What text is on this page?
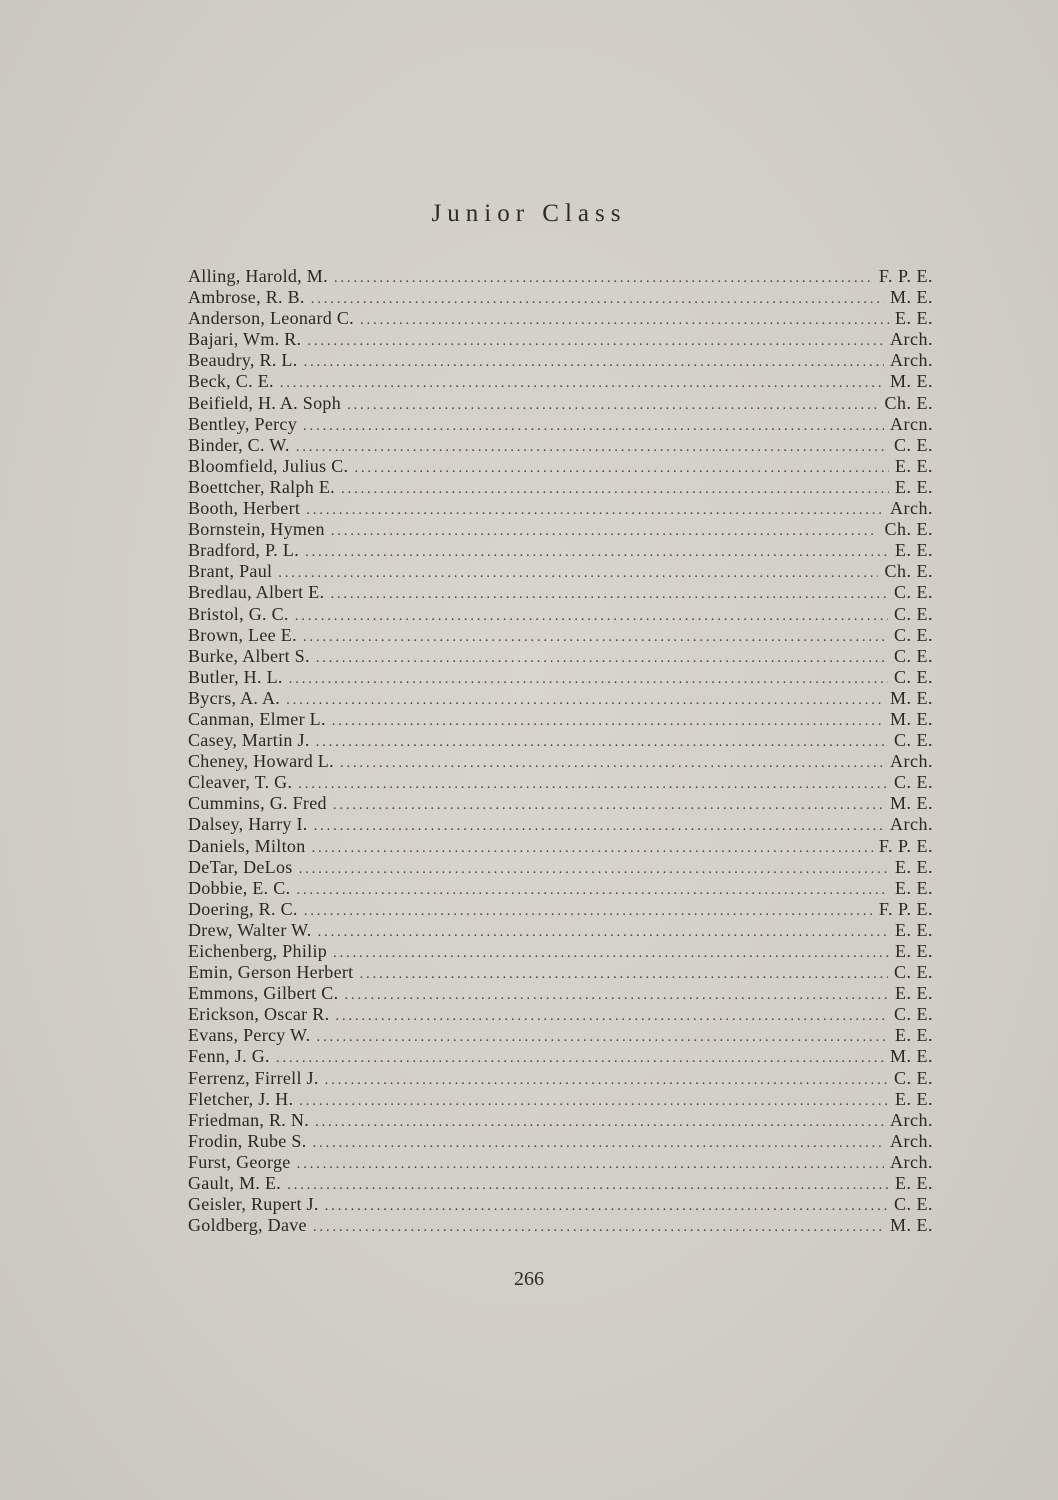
Junior Class
Alling, Harold, M. . . .	F. P. E.
Ambrose, R. B. . . .	M. E.
Anderson, Leonard C. . . .	E. E.
Bajari, Wm. R. . . .	Arch.
Beaudry, R. L. . . .	Arch.
Beck, C. E. . . .	M. E.
Beifield, H. A. Soph . . .	Ch. E.
Bentley, Percy . . .	Arcn.
Binder, C. W. . . .	C. E.
Bloomfield, Julius C. . . .	E. E.
Boettcher, Ralph E. . . .	E. E.
Booth, Herbert . . .	Arch.
Bornstein, Hymen . . .	Ch. E.
Bradford, P. L. . . .	E. E.
Brant, Paul . . .	Ch. E.
Bredlau, Albert E. . . .	C. E.
Bristol, G. C. . . .	C. E.
Brown, Lee E. . . .	C. E.
Burke, Albert S. . . .	C. E.
Butler, H. L. . . .	C. E.
Bycrs, A. A. . . .	M. E.
Canman, Elmer L. . . .	M. E.
Casey, Martin J. . . .	C. E.
Cheney, Howard L. . . .	Arch.
Cleaver, T. G. . . .	C. E.
Cummins, G. Fred . . .	M. E.
Dalsey, Harry I. . . .	Arch.
Daniels, Milton . . .	F. P. E.
DeTar, DeLos . . .	E. E.
Dobbie, E. C. . . .	E. E.
Doering, R. C. . . .	F. P. E.
Drew, Walter W. . . .	E. E.
Eichenberg, Philip . . .	E. E.
Emin, Gerson Herbert . . .	C. E.
Emmons, Gilbert C. . . .	E. E.
Erickson, Oscar R. . . .	C. E.
Evans, Percy W. . . .	E. E.
Fenn, J. G. . . .	M. E.
Ferrenz, Firrell J. . . .	C. E.
Fletcher, J. H. . . .	E. E.
Friedman, R. N. . . .	Arch.
Frodin, Rube S. . . .	Arch.
Furst, George . . .	Arch.
Gault, M. E. . . .	E. E.
Geisler, Rupert J. . . .	C. E.
Goldberg, Dave . . .	M. E.
266
